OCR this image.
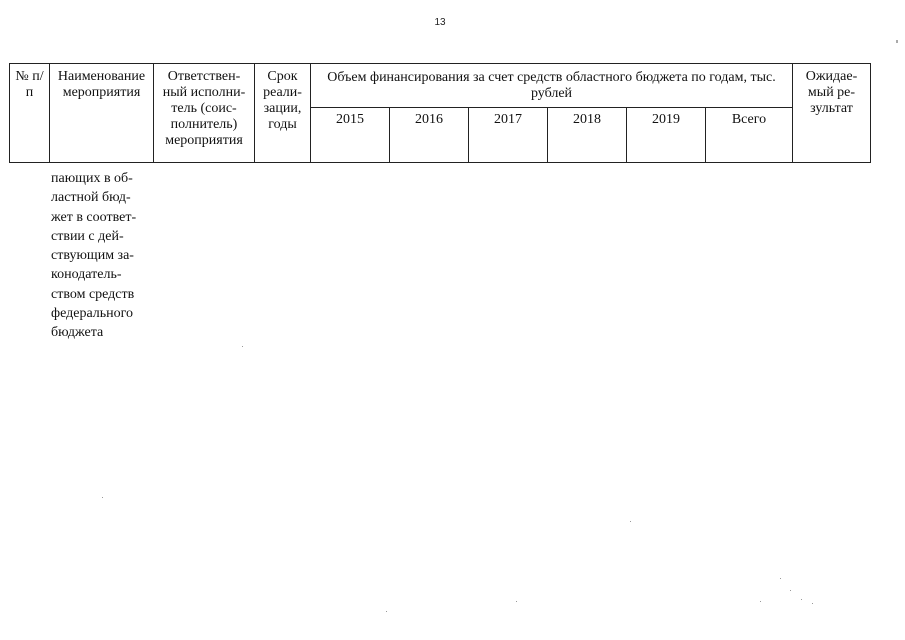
13
№ п/п	Наименование мероприятия	Ответствен-ный исполни-тель (соис-полнитель) мероприятия	Срок реали-зации, годы	Объем финансирования за счет средств областного бюджета по годам, тыс. рублей						Ожидае-мый ре-зультат
				2015	2016	2017	2018	2019	Всего	
пающих в об-
ластной бюд-
жет в соответ-
ствии с дей-
ствующим за-
конодатель-
ством средств
федерального
бюджета
